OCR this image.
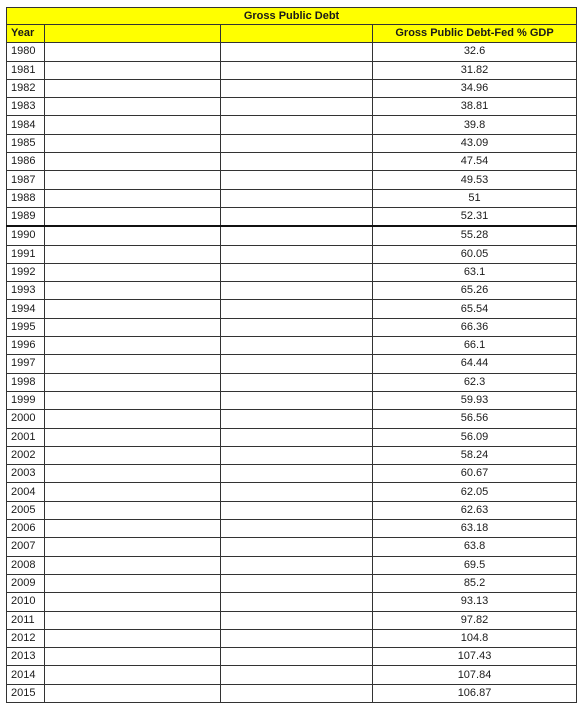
Gross Public Debt			
Year			Gross Public Debt-Fed % GDP
1980			32.6
1981			31.82
1982			34.96
1983			38.81
1984			39.8
1985			43.09
1986			47.54
1987			49.53
1988			51
1989			52.31
1990			55.28
1991			60.05
1992			63.1
1993			65.26
1994			65.54
1995			66.36
1996			66.1
1997			64.44
1998			62.3
1999			59.93
2000			56.56
2001			56.09
2002			58.24
2003			60.67
2004			62.05
2005			62.63
2006			63.18
2007			63.8
2008			69.5
2009			85.2
2010			93.13
2011			97.82
2012			104.8
2013			107.43
2014			107.84
2015			106.87
